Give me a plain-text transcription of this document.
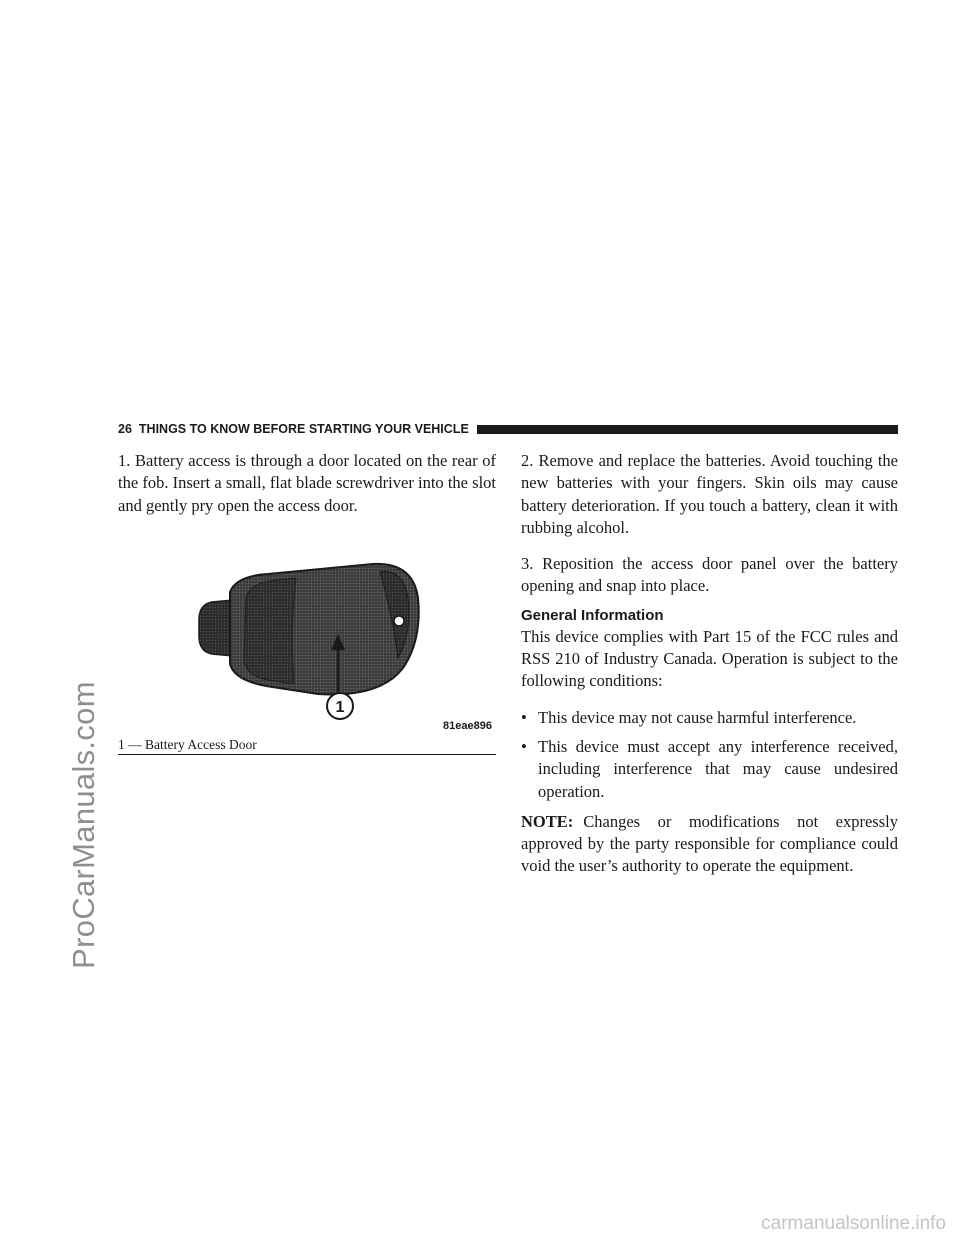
ProCarManuals.com
carmanualsonline.info
26 THINGS TO KNOW BEFORE STARTING YOUR VEHICLE

1. Battery access is through a door located on the rear of the fob. Insert a small, flat blade screwdriver into the slot and gently pry open the access door.

1
81eae896
1 — Battery Access Door

2. Remove and replace the batteries. Avoid touching the new batteries with your fingers. Skin oils may cause battery deterioration. If you touch a battery, clean it with rubbing alcohol.

3. Reposition the access door panel over the battery opening and snap into place.

General Information

This device complies with Part 15 of the FCC rules and RSS 210 of Industry Canada. Operation is subject to the following conditions:

• This device may not cause harmful interference.
• This device must accept any interference received, including interference that may cause undesired operation.

NOTE: Changes or modifications not expressly approved by the party responsible for compliance could void the user’s authority to operate the equipment.
